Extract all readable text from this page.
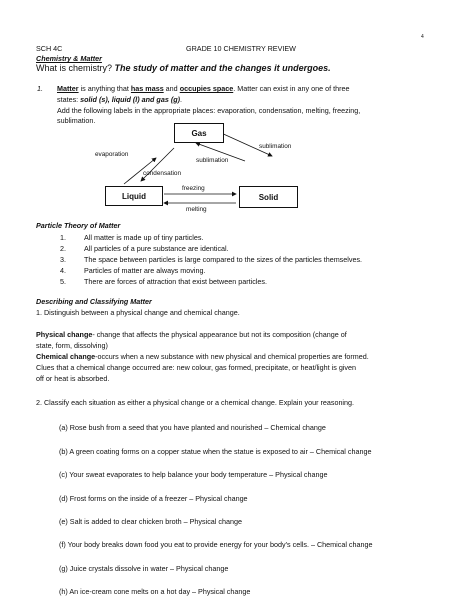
4
SCH 4C	GRADE 10 CHEMISTRY REVIEW
Chemistry & Matter
What is chemistry? The study of matter and the changes it undergoes.
1. Matter is anything that has mass and occupies space. Matter can exist in any one of three
states: solid (s), liquid (l) and gas (g).
Add the following labels in the appropriate places: evaporation, condensation, melting, freezing,
sublimation.
Gas
Liquid	Solid
evaporation
condensation
sublimation
sublimation
freezing
melting
Particle Theory of Matter
1.	All matter is made up of tiny particles.
2.	All particles of a pure substance are identical.
3.	The space between particles is large compared to the sizes of the particles themselves.
4.	Particles of matter are always moving.
5.	There are forces of attraction that exist between particles.
Describing and Classifying Matter
1. Distinguish between a physical change and chemical change.
Physical change- change that affects the physical appearance but not its composition (change of
state, form, dissolving)
Chemical change-occurs when a new substance with new physical and chemical properties are formed.
Clues that a chemical change occurred are: new colour, gas formed, precipitate, or heat/light is given
off or heat is absorbed.
2. Classify each situation as either a physical change or a chemical change. Explain your reasoning.
(a) Rose bush from a seed that you have planted and nourished – Chemical change
(b) A green coating forms on a copper statue when the statue is exposed to air – Chemical change
(c) Your sweat evaporates to help balance your body temperature – Physical change
(d) Frost forms on the inside of a freezer – Physical change
(e) Salt is added to clear chicken broth – Physical change
(f) Your body breaks down food you eat to provide energy for your body’s cells. – Chemical change
(g) Juice crystals dissolve in water – Physical change
(h) An ice-cream cone melts on a hot day – Physical change
